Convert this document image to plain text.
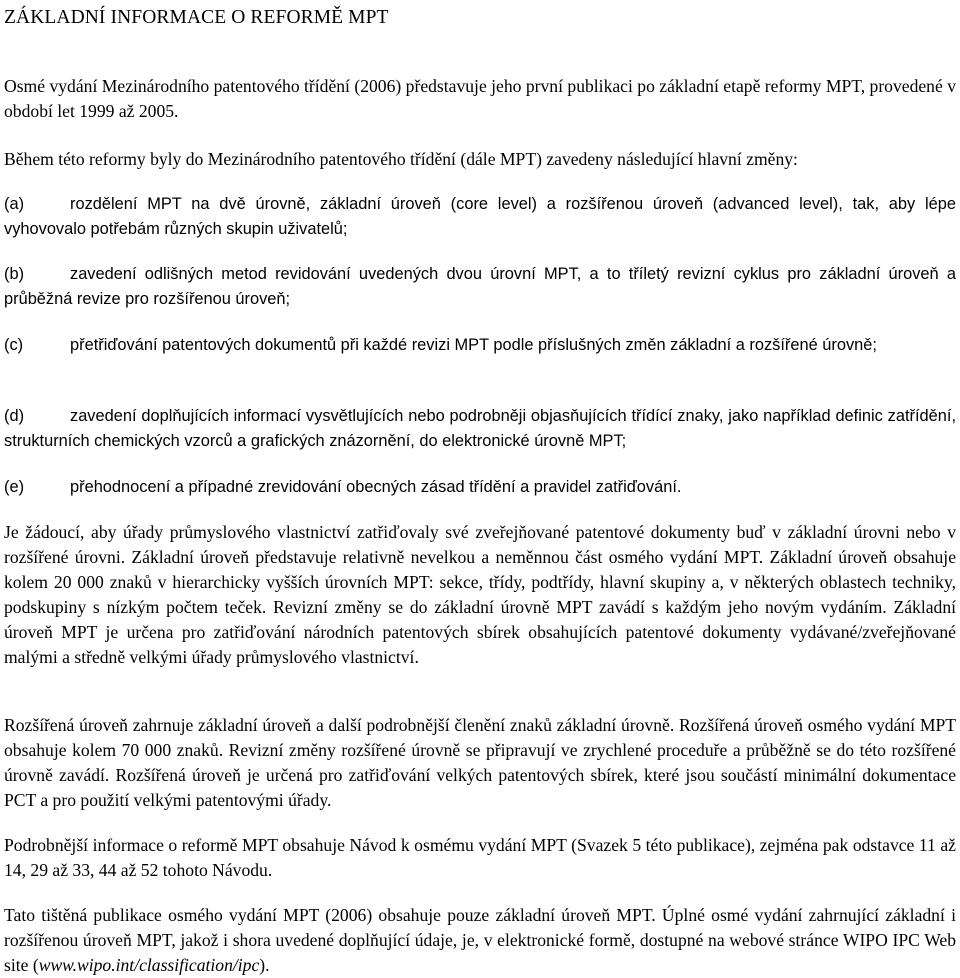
ZÁKLADNÍ INFORMACE O REFORMĚ MPT
Osmé vydání Mezinárodního patentového třídění (2006) představuje jeho první publikaci po základní etapě reformy MPT, provedené v období let 1999 až 2005.
Během této reformy byly do Mezinárodního patentového třídění (dále MPT) zavedeny následující hlavní změny:
(a)	rozdělení MPT na dvě úrovně, základní úroveň (core level) a rozšířenou úroveň (advanced level), tak, aby lépe vyhovovalo potřebám různých skupin uživatelů;
(b)	zavedení odlišných metod revidování uvedených dvou úrovní MPT, a to tříletý revizní cyklus pro základní úroveň a průběžná revize pro rozšířenou úroveň;
(c)	přetřiďování patentových dokumentů při každé revizi MPT podle příslušných změn základní a rozšířené úrovně;
(d)	zavedení doplňujících informací vysvětlujících nebo podrobněji objasňujících třídící znaky, jako například definic zatřídění, strukturních chemických vzorců a grafických znázornění, do elektronické úrovně MPT;
(e)	přehodnocení a případné zrevidování obecných zásad třídění a pravidel zatřiďování.
Je žádoucí, aby úřady průmyslového vlastnictví zatřiďovaly své zveřejňované patentové dokumenty buď v základní úrovni nebo v rozšířené úrovni. Základní úroveň představuje relativně nevelkou a neměnnou část osmého vydání MPT. Základní úroveň obsahuje kolem 20 000 znaků v hierarchicky vyšších úrovních MPT: sekce, třídy, podtřídy, hlavní skupiny a, v některých oblastech techniky, podskupiny s nízkým počtem teček. Revizní změny se do základní úrovně MPT zavádí s každým jeho novým vydáním. Základní úroveň MPT je určena pro zatřiďování národních patentových sbírek obsahujících patentové dokumenty vydávané/zveřejňované malými a středně velkými úřady průmyslového vlastnictví.
Rozšířená úroveň zahrnuje základní úroveň a další podrobnější členění znaků základní úrovně. Rozšířená úroveň osmého vydání MPT obsahuje kolem 70 000 znaků. Revizní změny rozšířené úrovně se připravují ve zrychlené proceduře a průběžně se do této rozšířené úrovně zavádí. Rozšířená úroveň je určená pro zatřiďování velkých patentových sbírek, které jsou součástí minimální dokumentace PCT a pro použití velkými patentovými úřady.
Podrobnější informace o reformě MPT obsahuje Návod k osmému vydání MPT (Svazek 5 této publikace), zejména pak odstavce 11 až 14, 29 až 33, 44 až 52 tohoto Návodu.
Tato tištěná publikace osmého vydání MPT (2006) obsahuje pouze základní úroveň MPT. Úplné osmé vydání zahrnující základní i rozšířenou úroveň MPT, jakož i shora uvedené doplňující údaje, je, v elektronické formě, dostupné na webové stránce WIPO IPC Web site (www.wipo.int/classification/ipc).
